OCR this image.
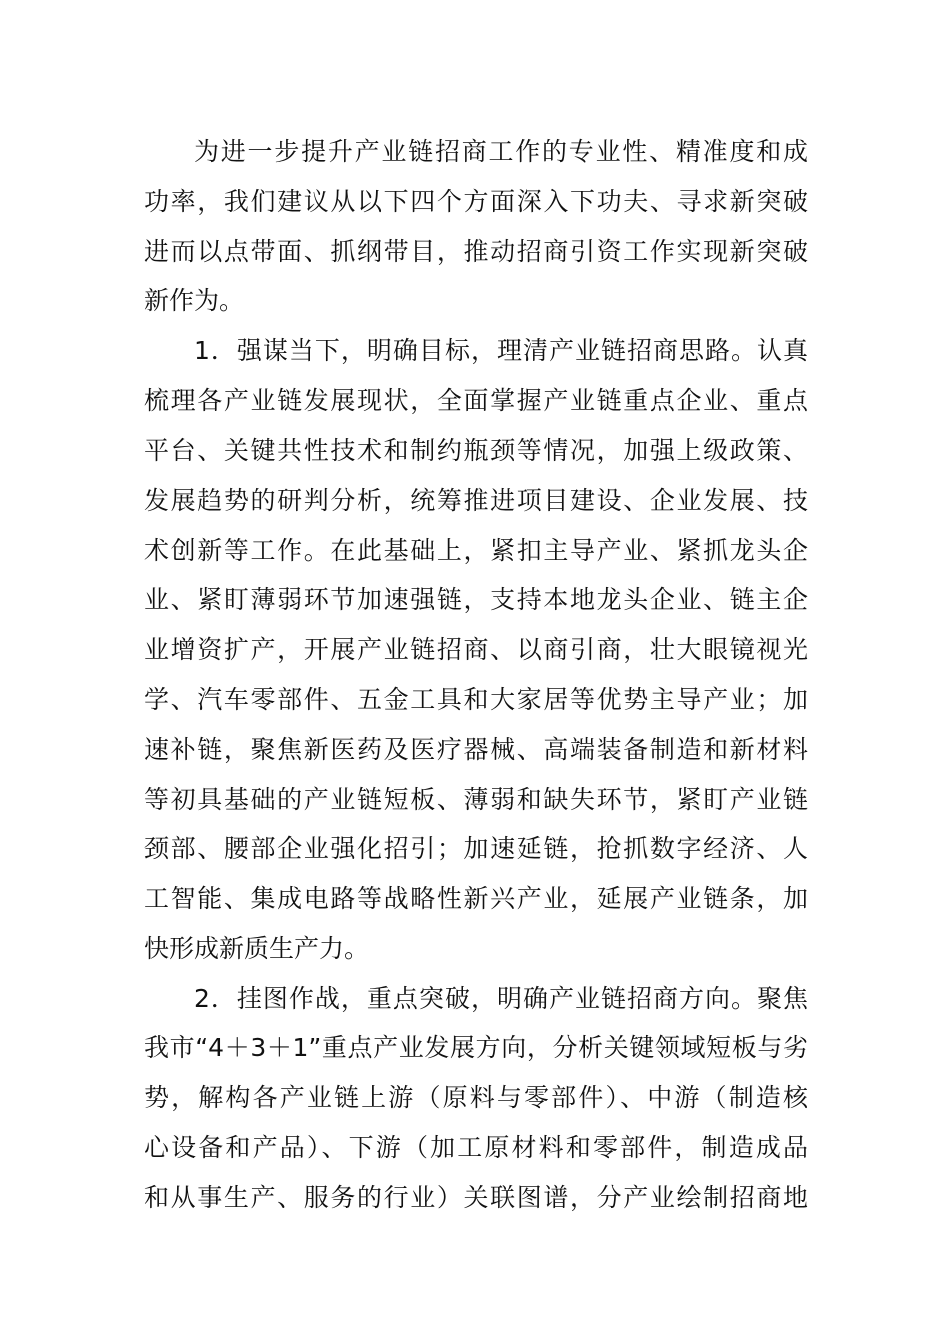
为进一步提升产业链招商工作的专业性、精准度和成
功率，我们建议从以下四个方面深入下功夫、寻求新突破
进而以点带面、抓纲带目，推动招商引资工作实现新突破
新作为。
1．强谋当下，明确目标，理清产业链招商思路。认真
梳理各产业链发展现状，全面掌握产业链重点企业、重点
平台、关键共性技术和制约瓶颈等情况，加强上级政策、
发展趋势的研判分析，统筹推进项目建设、企业发展、技
术创新等工作。在此基础上，紧扣主导产业、紧抓龙头企
业、紧盯薄弱环节加速强链，支持本地龙头企业、链主企
业增资扩产，开展产业链招商、以商引商，壮大眼镜视光
学、汽车零部件、五金工具和大家居等优势主导产业；加
速补链，聚焦新医药及医疗器械、高端装备制造和新材料
等初具基础的产业链短板、薄弱和缺失环节，紧盯产业链
颈部、腰部企业强化招引；加速延链，抢抓数字经济、人
工智能、集成电路等战略性新兴产业，延展产业链条，加
快形成新质生产力。
2．挂图作战，重点突破，明确产业链招商方向。聚焦
我市“4＋3＋1”重点产业发展方向，分析关键领域短板与劣
势，解构各产业链上游（原料与零部件）、中游（制造核
心设备和产品）、下游（加工原材料和零部件，制造成品
和从事生产、服务的行业）关联图谱，分产业绘制招商地
